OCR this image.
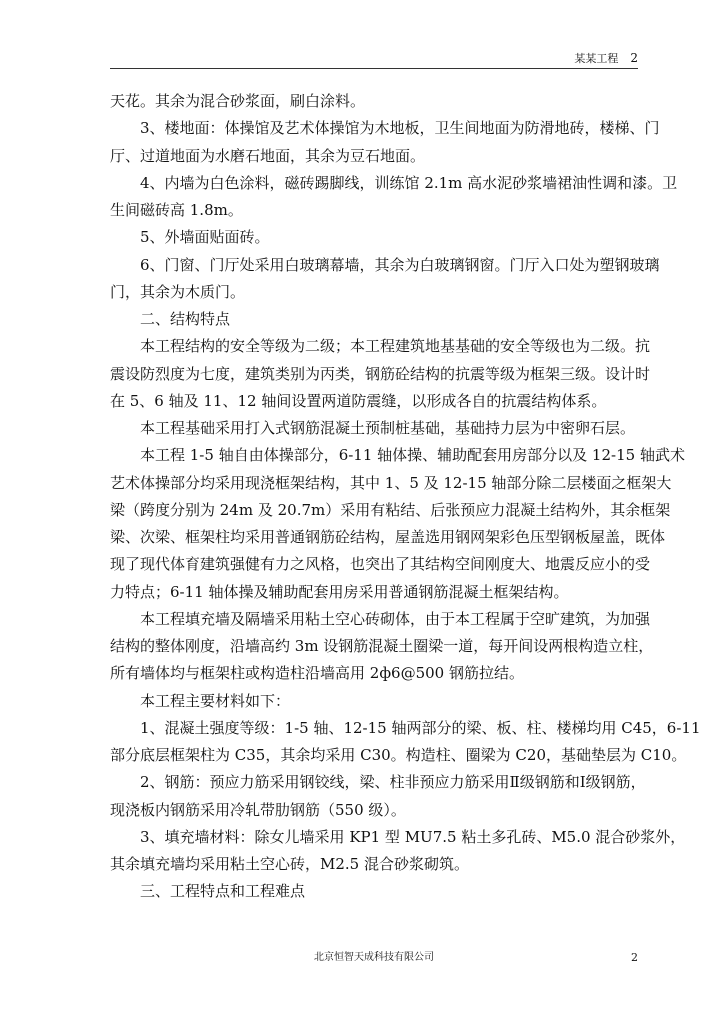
某某工程 2
天花。其余为混合砂浆面，刷白涂料。
3、楼地面：体操馆及艺术体操馆为木地板，卫生间地面为防滑地砖，楼梯、门
厅、过道地面为水磨石地面，其余为豆石地面。
4、内墙为白色涂料，磁砖踢脚线，训练馆 2.1m 高水泥砂浆墙裙油性调和漆。卫
生间磁砖高 1.8m。
5、外墙面贴面砖。
6、门窗、门厅处采用白玻璃幕墙，其余为白玻璃钢窗。门厅入口处为塑钢玻璃
门，其余为木质门。
二、结构特点
本工程结构的安全等级为二级；本工程建筑地基基础的安全等级也为二级。抗
震设防烈度为七度，建筑类别为丙类，钢筋砼结构的抗震等级为框架三级。设计时
在 5、6 轴及 11、12 轴间设置两道防震缝，以形成各自的抗震结构体系。
本工程基础采用打入式钢筋混凝土预制桩基础，基础持力层为中密卵石层。
本工程 1-5 轴自由体操部分，6-11 轴体操、辅助配套用房部分以及 12-15 轴武术
艺术体操部分均采用现浇框架结构，其中 1、5 及 12-15 轴部分除二层楼面之框架大
梁（跨度分别为 24m 及 20.7m）采用有粘结、后张预应力混凝土结构外，其余框架
梁、次梁、框架柱均采用普通钢筋砼结构，屋盖选用钢网架彩色压型钢板屋盖，既体
现了现代体育建筑强健有力之风格，也突出了其结构空间刚度大、地震反应小的受
力特点；6-11 轴体操及辅助配套用房采用普通钢筋混凝土框架结构。
本工程填充墙及隔墙采用粘土空心砖砌体，由于本工程属于空旷建筑，为加强
结构的整体刚度，沿墙高约 3m 设钢筋混凝土圈梁一道，每开间设两根构造立柱，
所有墙体均与框架柱或构造柱沿墙高用 2ф6@500 钢筋拉结。
本工程主要材料如下：
1、混凝土强度等级：1-5 轴、12-15 轴两部分的梁、板、柱、楼梯均用 C45，6-11
部分底层框架柱为 C35，其余均采用 C30。构造柱、圈梁为 C20，基础垫层为 C10。
2、钢筋：预应力筋采用钢铰线，梁、柱非预应力筋采用Ⅱ级钢筋和Ⅰ级钢筋，
现浇板内钢筋采用冷轧带肋钢筋（550 级）。
3、填充墙材料：除女儿墙采用 KP1 型 MU7.5 粘土多孔砖、M5.0 混合砂浆外，
其余填充墙均采用粘土空心砖，M2.5 混合砂浆砌筑。
三、工程特点和工程难点
北京恒智天成科技有限公司	2
